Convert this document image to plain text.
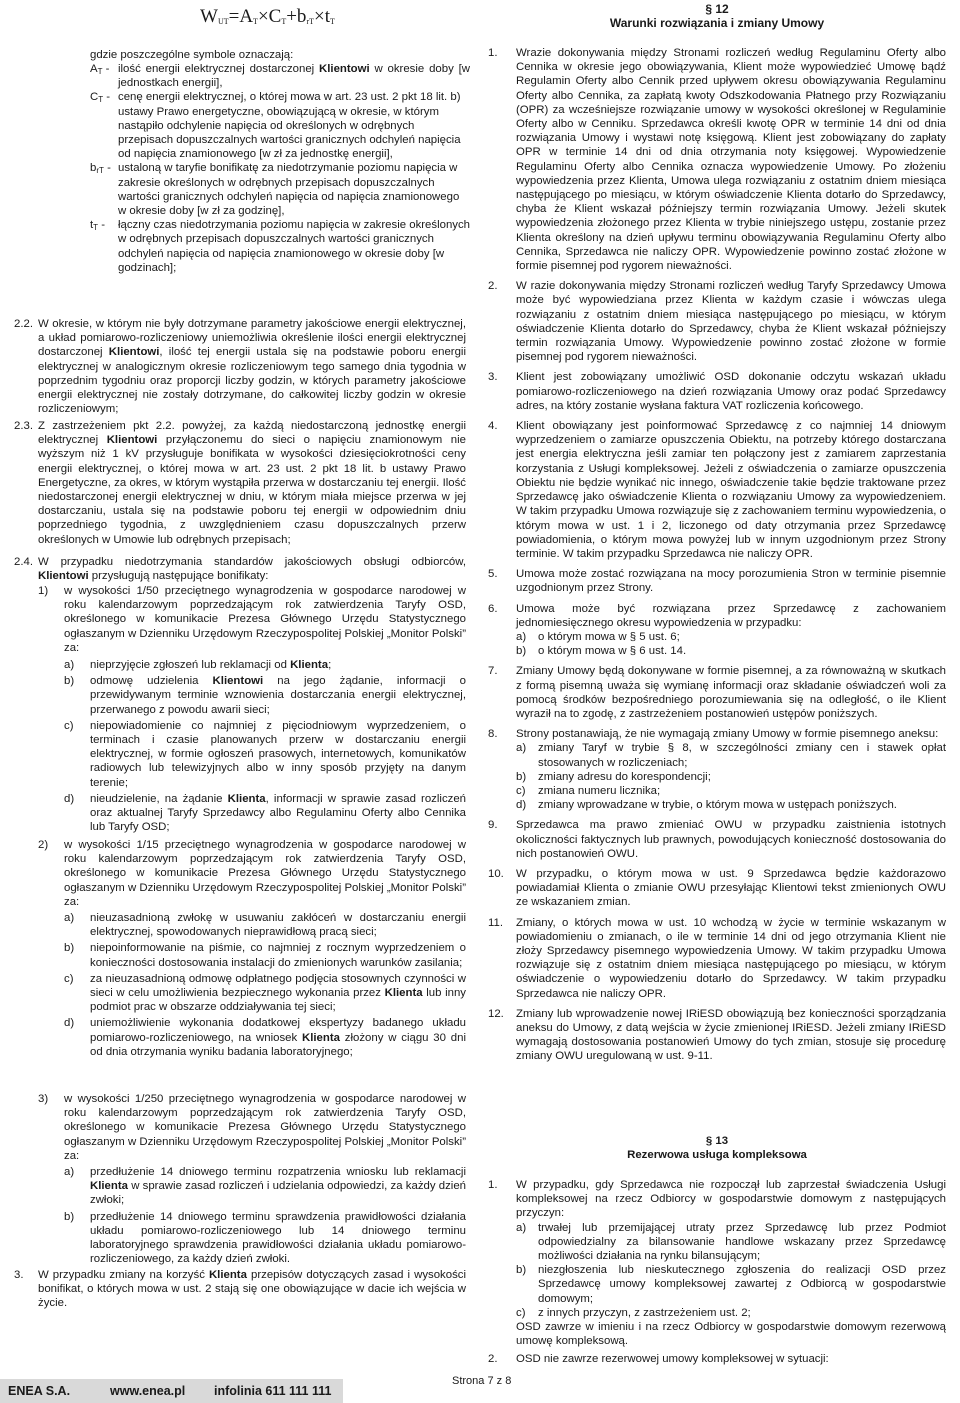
$W_{UT}=A_T\times C_T+b_{rT}\times t_T$
§ 12
Warunki rozwiązania i zmiany Umowy
gdzie poszczególne symbole oznaczają:
$A_T$ - ilość energii elektrycznej dostarczonej Klientowi w okresie doby [w jednostkach energii],
$C_T$ - cenę energii elektrycznej, o której mowa w art. 23 ust. 2 pkt 18 lit. b) ustawy Prawo energetyczne, obowiązującą w okresie, w którym nastąpiło odchylenie napięcia od określonych w odrębnych przepisach dopuszczalnych wartości granicznych odchyleń napięcia od napięcia znamionowego [w zł za jednostkę energii],
$b_{rT}$ - ustaloną w taryfie bonifikatę za niedotrzymanie poziomu napięcia w zakresie określonych w odrębnych przepisach dopuszczalnych wartości granicznych odchyleń napięcia od napięcia znamionowego w okresie doby [w zł za godzinę],
$t_T$ -	łączny czas niedotrzymania poziomu napięcia w zakresie określonych w odrębnych przepisach dopuszczalnych wartości granicznych odchyleń napięcia od napięcia znamionowego w okresie doby [w godzinach];
2.2. W okresie, w którym nie były dotrzymane parametry jakościowe energii elektrycznej, a układ pomiarowo-rozliczeniowy uniemożliwia określenie ilości energii elektrycznej dostarczonej Klientowi, ilość tej energii ustala się na podstawie poboru energii elektrycznej w analogicznym okresie rozliczeniowym tego samego dnia tygodnia w poprzednim tygodniu oraz proporcji liczby godzin, w których parametry jakościowe energii elektrycznej nie zostały dotrzymane, do całkowitej liczby godzin w okresie rozliczeniowym;
2.3. Z zastrzeżeniem pkt 2.2. powyżej, za każdą niedostarczoną jednostkę energii elektrycznej Klientowi przyłączonemu do sieci o napięciu znamionowym nie wyższym niż 1 kV przysługuje bonifikata w wysokości dziesięciokrotności ceny energii elektrycznej, o której mowa w art. 23 ust. 2 pkt 18 lit. b ustawy Prawo Energetyczne, za okres, w którym wystąpiła przerwa w dostarczaniu tej energii. Ilość niedostarczonej energii elektrycznej w dniu, w którym miała miejsce przerwa w jej dostarczaniu, ustala się na podstawie poboru tej energii w odpowiednim dniu poprzedniego tygodnia, z uwzględnieniem czasu dopuszczalnych przerw określonych w Umowie lub odrębnych przepisach;
2.4. W przypadku niedotrzymania standardów jakościowych obsługi odbiorców, Klientowi przysługują następujące bonifikaty:
1)	w wysokości 1/50 przeciętnego wynagrodzenia w gospodarce narodowej w roku kalendarzowym poprzedzającym rok zatwierdzenia Taryfy OSD, określonego w komunikacie Prezesa Głównego Urzędu Statystycznego ogłaszanym w Dzienniku Urzędowym Rzeczypospolitej Polskiej „Monitor Polski” za:
a)	nieprzyjęcie zgłoszeń lub reklamacji od Klienta;
b)	odmowę udzielenia Klientowi na jego żądanie, informacji o przewidywanym terminie wznowienia dostarczania energii elektrycznej, przerwanego z powodu awarii sieci;
c)	niepowiadomienie co najmniej z pięciodniowym wyprzedzeniem, o terminach i czasie planowanych przerw w dostarczaniu energii elektrycznej, w formie ogłoszeń prasowych, internetowych, komunikatów radiowych lub telewizyjnych albo w inny sposób przyjęty na danym terenie;
d)	nieudzielenie, na żądanie Klienta, informacji w sprawie zasad rozliczeń oraz aktualnej Taryfy Sprzedawcy albo Regulaminu Oferty albo Cennika lub Taryfy OSD;
2)	w wysokości 1/15 przeciętnego wynagrodzenia w gospodarce narodowej w roku kalendarzowym poprzedzającym rok zatwierdzenia Taryfy OSD, określonego w komunikacie Prezesa Głównego Urzędu Statystycznego ogłaszanym w Dzienniku Urzędowym Rzeczypospolitej Polskiej „Monitor Polski” za:
a)	nieuzasadnioną zwłokę w usuwaniu zakłóceń w dostarczaniu energii elektrycznej, spowodowanych nieprawidłową pracą sieci;
b)	niepoinformowanie na piśmie, co najmniej z rocznym wyprzedzeniem o konieczności dostosowania instalacji do zmienionych warunków zasilania;
c)	za nieuzasadnioną odmowę odpłatnego podjęcia stosownych czynności w sieci w celu umożliwienia bezpiecznego wykonania przez Klienta lub inny podmiot prac w obszarze oddziaływania tej sieci;
d)	uniemożliwienie wykonania dodatkowej ekspertyzy badanego układu pomiarowo-rozliczeniowego, na wniosek Klienta złożony w ciągu 30 dni od dnia otrzymania wyniku badania laboratoryjnego;
3)	w wysokości 1/250 przeciętnego wynagrodzenia w gospodarce narodowej w roku kalendarzowym poprzedzającym rok zatwierdzenia Taryfy OSD, określonego w komunikacie Prezesa Głównego Urzędu Statystycznego ogłaszanym w Dzienniku Urzędowym Rzeczypospolitej Polskiej „Monitor Polski” za:
a)	przedłużenie 14 dniowego terminu rozpatrzenia wniosku lub reklamacji Klienta w sprawie zasad rozliczeń i udzielania odpowiedzi, za każdy dzień zwłoki;
b)	przedłużenie 14 dniowego terminu sprawdzenia prawidłowości działania układu pomiarowo-rozliczeniowego lub 14 dniowego terminu laboratoryjnego sprawdzenia prawidłowości działania układu pomiarowo-rozliczeniowego, za każdy dzień zwłoki.
3.	W przypadku zmiany na korzyść Klienta przepisów dotyczących zasad i wysokości bonifikat, o których mowa w ust. 2 stają się one obowiązujące w dacie ich wejścia w życie.
1.	Wrazie dokonywania między Stronami rozliczeń według Regulaminu Oferty albo Cennika w okresie jego obowiązywania, Klient może wypowiedzieć Umowę bądź Regulamin Oferty albo Cennik przed upływem okresu obowiązywania Regulaminu Oferty albo Cennika, za zapłatą kwoty Odszkodowania Płatnego przy Rozwiązaniu (OPR) za wcześniejsze rozwiązanie umowy w wysokości określonej w Regulaminie Oferty albo w Cenniku. Sprzedawca określi kwotę OPR w terminie 14 dni od dnia rozwiązania Umowy i wystawi notę księgową. Klient jest zobowiązany do zapłaty OPR w terminie 14 dni od dnia otrzymania noty księgowej. Wypowiedzenie Regulaminu Oferty albo Cennika oznacza wypowiedzenie Umowy. Po złożeniu wypowiedzenia przez Klienta, Umowa ulega rozwiązaniu z ostatnim dniem miesiąca następującego po miesiącu, w którym oświadczenie Klienta dotarło do Sprzedawcy, chyba że Klient wskazał późniejszy termin rozwiązania Umowy. Jeżeli skutek wypowiedzenia złożonego przez Klienta w trybie niniejszego ustępu, zostanie przez Klienta określony na dzień upływu terminu obowiązywania Regulaminu Oferty albo Cennika, Sprzedawca nie naliczy OPR. Wypowiedzenie powinno zostać złożone w formie pisemnej pod rygorem nieważności.
2.	W razie dokonywania między Stronami rozliczeń według Taryfy Sprzedawcy Umowa może być wypowiedziana przez Klienta w każdym czasie i wówczas ulega rozwiązaniu z ostatnim dniem miesiąca następującego po miesiącu, w którym oświadczenie Klienta dotarło do Sprzedawcy, chyba że Klient wskazał późniejszy termin rozwiązania Umowy. Wypowiedzenie powinno zostać złożone w formie pisemnej pod rygorem nieważności.
3.	Klient jest zobowiązany umożliwić OSD dokonanie odczytu wskazań układu pomiarowo-rozliczeniowego na dzień rozwiązania Umowy oraz podać Sprzedawcy adres, na który zostanie wysłana faktura VAT rozliczenia końcowego.
4.	Klient obowiązany jest poinformować Sprzedawcę z co najmniej 14 dniowym wyprzedzeniem o zamiarze opuszczenia Obiektu, na potrzeby którego dostarczana jest energia elektryczna jeśli zamiar ten połączony jest z zamiarem zaprzestania korzystania z Usługi kompleksowej. Jeżeli z oświadczenia o zamiarze opuszczenia Obiektu nie będzie wynikać nic innego, oświadczenie takie będzie traktowane przez Sprzedawcę jako oświadczenie Klienta o rozwiązaniu Umowy za wypowiedzeniem. W takim przypadku Umowa rozwiązuje się z zachowaniem terminu wypowiedzenia, o którym mowa w ust. 1 i 2, liczonego od daty otrzymania przez Sprzedawcę powiadomienia, o którym mowa powyżej lub w innym uzgodnionym przez Strony terminie. W takim przypadku Sprzedawca nie naliczy OPR.
5.	Umowa może zostać rozwiązana na mocy porozumienia Stron w terminie pisemnie uzgodnionym przez Strony.
6.	Umowa może być rozwiązana przez Sprzedawcę z zachowaniem jednomiesięcznego okresu wypowiedzenia w przypadku:
a)	o którym mowa w § 5 ust. 6;
b)	o którym mowa w § 6 ust. 14.
7.	Zmiany Umowy będą dokonywane w formie pisemnej, a za równoważną w skutkach z formą pisemną uważa się wymianę informacji oraz składanie oświadczeń woli za pomocą środków bezpośredniego porozumiewania się na odległość, o ile Klient wyraził na to zgodę, z zastrzeżeniem postanowień ustępów poniższych.
8.	Strony postanawiają, że nie wymagają zmiany Umowy w formie pisemnego aneksu:
a)	zmiany Taryf w trybie § 8, w szczególności zmiany cen i stawek opłat stosowanych w rozliczeniach;
b)	zmiany adresu do korespondencji;
c)	zmiana numeru licznika;
d)	zmiany wprowadzane w trybie, o którym mowa w ustępach poniższych.
9.	Sprzedawca ma prawo zmieniać OWU w przypadku zaistnienia istotnych okoliczności faktycznych lub prawnych, powodujących konieczność dostosowania do nich postanowień OWU.
10.	W przypadku, o którym mowa w ust. 9 Sprzedawca będzie każdorazowo powiadamiał Klienta o zmianie OWU przesyłając Klientowi tekst zmienionych OWU ze wskazaniem zmian.
11.	Zmiany, o których mowa w ust. 10 wchodzą w życie w terminie wskazanym w powiadomieniu o zmianach, o ile w terminie 14 dni od jego otrzymania Klient nie złoży Sprzedawcy pisemnego wypowiedzenia Umowy. W takim przypadku Umowa rozwiązuje się z ostatnim dniem miesiąca następującego po miesiącu, w którym oświadczenie o wypowiedzeniu dotarło do Sprzedawcy. W takim przypadku Sprzedawca nie naliczy OPR.
12.	Zmiany lub wprowadzenie nowej IRiESD obowiązują bez konieczności sporządzania aneksu do Umowy, z datą wejścia w życie zmienionej IRiESD. Jeżeli zmiany IRiESD wymagają dostosowania postanowień Umowy do tych zmian, stosuje się procedurę zmiany OWU uregulowaną w ust. 9-11.
§ 13
Rezerwowa usługa kompleksowa
1.	W przypadku, gdy Sprzedawca nie rozpoczął lub zaprzestał świadczenia Usługi kompleksowej na rzecz Odbiorcy w gospodarstwie domowym z następujących przyczyn:
a)	trwałej lub przemijającej utraty przez Sprzedawcę lub przez Podmiot odpowiedzialny za bilansowanie handlowe wskazany przez Sprzedawcę możliwości działania na rynku bilansującym;
b)	niezgłoszenia lub nieskutecznego zgłoszenia do realizacji OSD przez Sprzedawcę umowy kompleksowej zawartej z Odbiorcą w gospodarstwie domowym;
c)	z innych przyczyn, z zastrzeżeniem ust. 2;

OSD zawrze w imieniu i na rzecz Odbiorcy w gospodarstwie domowym rezerwową umowę kompleksową.

2.	OSD nie zawrze rezerwowej umowy kompleksowej w sytuacji:
ENEA S.A.	www.enea.pl infolinia 611 111 111
Strona 7 z 8
